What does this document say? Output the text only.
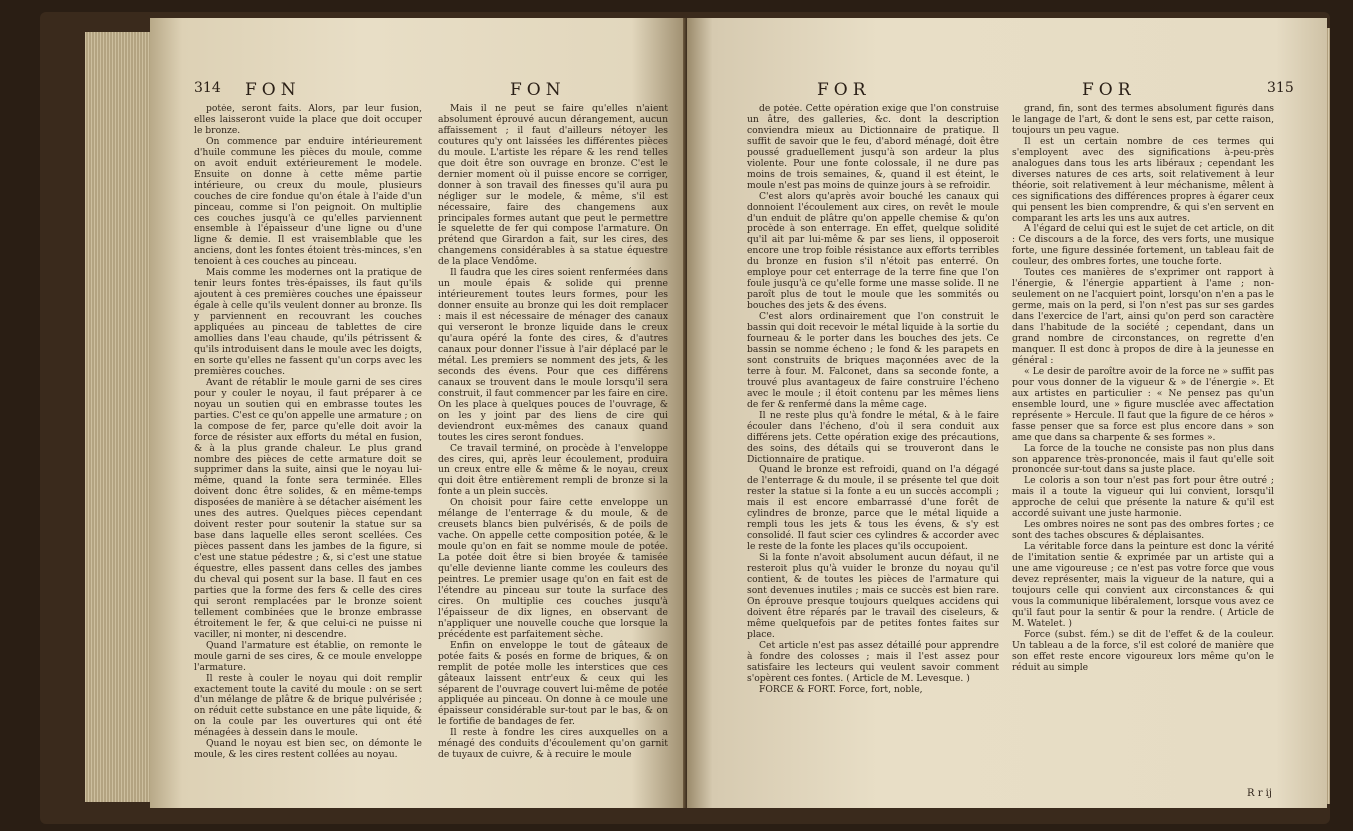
314 FON	FON

potée, seront faits. Alors, par leur fusion, elles laisseront vuide la place que doit occuper le bronze.

On commence par enduire intérieurement d'huile commune les pièces du moule, comme on avoit enduit extérieurement le modele. Ensuite on donne à cette même partie intérieure, ou creux du moule, plusieurs couches de cire fondue qu'on étale à l'aide d'un pinceau, comme si l'on peignoit. On multiplie ces couches jusqu'à ce qu'elles parviennent ensemble à l'épaisseur d'une ligne ou d'une ligne & demie. Il est vraisemblable que les anciens, dont les fontes étoient très-minces, s'en tenoient à ces couches au pinceau.

Mais comme les modernes ont la pratique de tenir leurs fontes très-épaisses, ils faut qu'ils ajoutent à ces premières couches une épaisseur égale à celle qu'ils veulent donner au bronze. Ils y parviennent en recouvrant les couches appliquées au pinceau de tablettes de cire amollies dans l'eau chaude, qu'ils pétrissent & qu'ils introduisent dans le moule avec les doigts, en sorte qu'elles ne fassent qu'un corps avec les premières couches.

Avant de rétablir le moule garni de ses cires pour y couler le noyau, il faut préparer à ce noyau un soutien qui en embrasse toutes les parties. C'est ce qu'on appelle une armature ; on la compose de fer, parce qu'elle doit avoir la force de résister aux efforts du métal en fusion, & à la plus grande chaleur. Le plus grand nombre des pièces de cette armature doit se supprimer dans la suite, ainsi que le noyau lui-même, quand la fonte sera terminée. Elles doivent donc être solides, & en même-temps disposées de manière à se détacher aisément les unes des autres. Quelques pièces cependant doivent rester pour soutenir la statue sur sa base dans laquelle elles seront scellées. Ces pièces passent dans les jambes de la figure, si c'est une statue pédestre ; &, si c'est une statue équestre, elles passent dans celles des jambes du cheval qui posent sur la base. Il faut en ces parties que la forme des fers & celle des cires qui seront remplacées par le bronze soient tellement combinées que le bronze embrasse étroitement le fer, & que celui-ci ne puisse ni vaciller, ni monter, ni descendre.

Quand l'armature est établie, on remonte le moule garni de ses cires, & ce moule enveloppe l'armature.

Il reste à couler le noyau qui doit remplir exactement toute la cavité du moule : on se sert d'un mélange de plâtre & de brique pulvérisée ; on réduit cette substance en une pâte liquide, & on la coule par les ouvertures qui ont été ménagées à dessein dans le moule.

Quand le noyau est bien sec, on démonte le moule, & les cires restent collées au noyau.

Mais il ne peut se faire qu'elles n'aient absolument éprouvé aucun dérangement, aucun affaissement ; il faut d'ailleurs nétoyer les coutures qu'y ont laissées les différentes pièces du moule. L'artiste les répare & les rend telles que doit être son ouvrage en bronze. C'est le dernier moment où il puisse encore se corriger, donner à son travail des finesses qu'il aura pu négliger sur le modele, & même, s'il est nécessaire, faire des changemens aux principales formes autant que peut le permettre le squelette de fer qui compose l'armature. On prétend que Girardon a fait, sur les cires, des changemens considérables à sa statue équestre de la place Vendôme.

Il faudra que les cires soient renfermées dans un moule épais & solide qui prenne intérieurement toutes leurs formes, pour les donner ensuite au bronze qui les doit remplacer : mais il est nécessaire de ménager des canaux qui verseront le bronze liquide dans le creux qu'aura opéré la fonte des cires, & d'autres canaux pour donner l'issue à l'air déplacé par le métal. Les premiers se nomment des jets, & les seconds des évens. Pour que ces différens canaux se trouvent dans le moule lorsqu'il sera construit, il faut commencer par les faire en cire. On les place à quelques pouces de l'ouvrage, & on les y joint par des liens de cire qui deviendront eux-mêmes des canaux quand toutes les cires seront fondues.

Ce travail terminé, on procède à l'enveloppe des cires, qui, après leur écoulement, produira un creux entre elle & même & le noyau, creux qui doit être entièrement rempli de bronze si la fonte a un plein succès.

On choisit pour faire cette enveloppe un mélange de l'enterrage & du moule, & de creusets blancs bien pulvérisés, & de poils de vache. On appelle cette composition potée, & le moule qu'on en fait se nomme moule de potée. La potée doit être si bien broyée & tamisée qu'elle devienne liante comme les couleurs des peintres. Le premier usage qu'on en fait est de l'étendre au pinceau sur toute la surface des cires. On multiplie ces couches jusqu'à l'épaisseur de dix lignes, en observant de n'appliquer une nouvelle couche que lorsque la précédente est parfaitement sèche.

Enfin on enveloppe le tout de gâteaux de potée faits & posés en forme de briques, & on remplit de potée molle les interstices que ces gâteaux laissent entr'eux & ceux qui les séparent de l'ouvrage couvert lui-même de potée appliquée au pinceau. On donne à ce moule une épaisseur considérable sur-tout par le bas, & on le fortifie de bandages de fer.

Il reste à fondre les cires auxquelles on a ménagé des conduits d'écoulement qu'on garnit de tuyaux de cuivre, & à recuire le moule

FOR	FOR	315

de potée. Cette opération exige que l'on construise un âtre, des galleries, &c. dont la description conviendra mieux au Dictionnaire de pratique. Il suffit de savoir que le feu, d'abord ménagé, doit être poussé graduellement jusqu'à son ardeur la plus violente. Pour une fonte colossale, il ne dure pas moins de trois semaines, &, quand il est éteint, le moule n'est pas moins de quinze jours à se refroidir.

C'est alors qu'après avoir bouché les canaux qui donnoient l'écoulement aux cires, on revêt le moule d'un enduit de plâtre qu'on appelle chemise & qu'on procède à son enterrage. En effet, quelque solidité qu'il ait par lui-même & par ses liens, il opposeroit encore une trop foible résistance aux efforts terribles du bronze en fusion s'il n'étoit pas enterré. On employe pour cet enterrage de la terre fine que l'on foule jusqu'à ce qu'elle forme une masse solide. Il ne paroît plus de tout le moule que les sommités ou bouches des jets & des évens.

C'est alors ordinairement que l'on construit le bassin qui doit recevoir le métal liquide à la sortie du fourneau & le porter dans les bouches des jets. Ce bassin se nomme écheno ; le fond & les parapets en sont construits de briques maçonnées avec de la terre à four. M. Falconet, dans sa seconde fonte, a trouvé plus avantageux de faire construire l'écheno avec le moule ; il étoit contenu par les mêmes liens de fer & renfermé dans la même cage.

Il ne reste plus qu'à fondre le métal, & à le faire écouler dans l'écheno, d'où il sera conduit aux différens jets. Cette opération exige des précautions, des soins, des détails qui se trouveront dans le Dictionnaire de pratique.

Quand le bronze est refroidi, quand on l'a dégagé de l'enterrage & du moule, il se présente tel que doit rester la statue si la fonte a eu un succès accompli ; mais il est encore embarrassé d'une forêt de cylindres de bronze, parce que le métal liquide a rempli tous les jets & tous les évens, & s'y est consolidé. Il faut scier ces cylindres & accorder avec le reste de la fonte les places qu'ils occupoient.

Si la fonte n'avoit absolument aucun défaut, il ne resteroit plus qu'à vuider le bronze du noyau qu'il contient, & de toutes les pièces de l'armature qui sont devenues inutiles ; mais ce succès est bien rare. On éprouve presque toujours quelques accidens qui doivent être réparés par le travail des ciseleurs, & même quelquefois par de petites fontes faites sur place.

Cet article n'est pas assez détaillé pour apprendre à fondre des colosses ; mais il l'est assez pour satisfaire les lecteurs qui veulent savoir comment s'opèrent ces fontes. ( Article de M. Levesque. )

FORCE & FORT. Force, fort, noble,

grand, fin, sont des termes absolument figurés dans le langage de l'art, & dont le sens est, par cette raison, toujours un peu vague.

Il est un certain nombre de ces termes qui s'employent avec des significations à-peu-près analogues dans tous les arts libéraux ; cependant les diverses natures de ces arts, soit relativement à leur théorie, soit relativement à leur méchanisme, mêlent à ces significations des différences propres à égarer ceux qui pensent les bien comprendre, & qui s'en servent en comparant les arts les uns aux autres.

A l'égard de celui qui est le sujet de cet article, on dit : Ce discours a de la force, des vers forts, une musique forte, une figure dessinée fortement, un tableau fait de couleur, des ombres fortes, une touche forte.

Toutes ces manières de s'exprimer ont rapport à l'énergie, & l'énergie appartient à l'ame ; non-seulement on ne l'acquiert point, lorsqu'on n'en a pas le germe, mais on la perd, si l'on n'est pas sur ses gardes dans l'exercice de l'art, ainsi qu'on perd son caractère dans l'habitude de la société ; cependant, dans un grand nombre de circonstances, on regrette d'en manquer. Il est donc à propos de dire à la jeunesse en général :

« Le desir de paroître avoir de la force ne » suffit pas pour vous donner de la vigueur & » de l'énergie ». Et aux artistes en particulier : « Ne pensez pas qu'un ensemble lourd, une » figure musclée avec affectation représente » Hercule. Il faut que la figure de ce héros » fasse penser que sa force est plus encore dans » son ame que dans sa charpente & ses formes ».

La force de la touche ne consiste pas non plus dans son apparence très-prononcée, mais il faut qu'elle soit prononcée sur-tout dans sa juste place.

Le coloris a son tour n'est pas fort pour être outré ; mais il a toute la vigueur qui lui convient, lorsqu'il approche de celui que présente la nature & qu'il est accordé suivant une juste harmonie.

Les ombres noires ne sont pas des ombres fortes ; ce sont des taches obscures & déplaisantes.

La véritable force dans la peinture est donc la vérité de l'imitation sentie & exprimée par un artiste qui a une ame vigoureuse ; ce n'est pas votre force que vous devez représenter, mais la vigueur de la nature, qui a toujours celle qui convient aux circonstances & qui vous la communique libéralement, lorsque vous avez ce qu'il faut pour la sentir & pour la rendre. ( Article de M. Watelet. )

Force (subst. fém.) se dit de l'effet & de la couleur. Un tableau a de la force, s'il est coloré de manière que son effet reste encore vigoureux lors même qu'on le réduit au simple

R r ij
